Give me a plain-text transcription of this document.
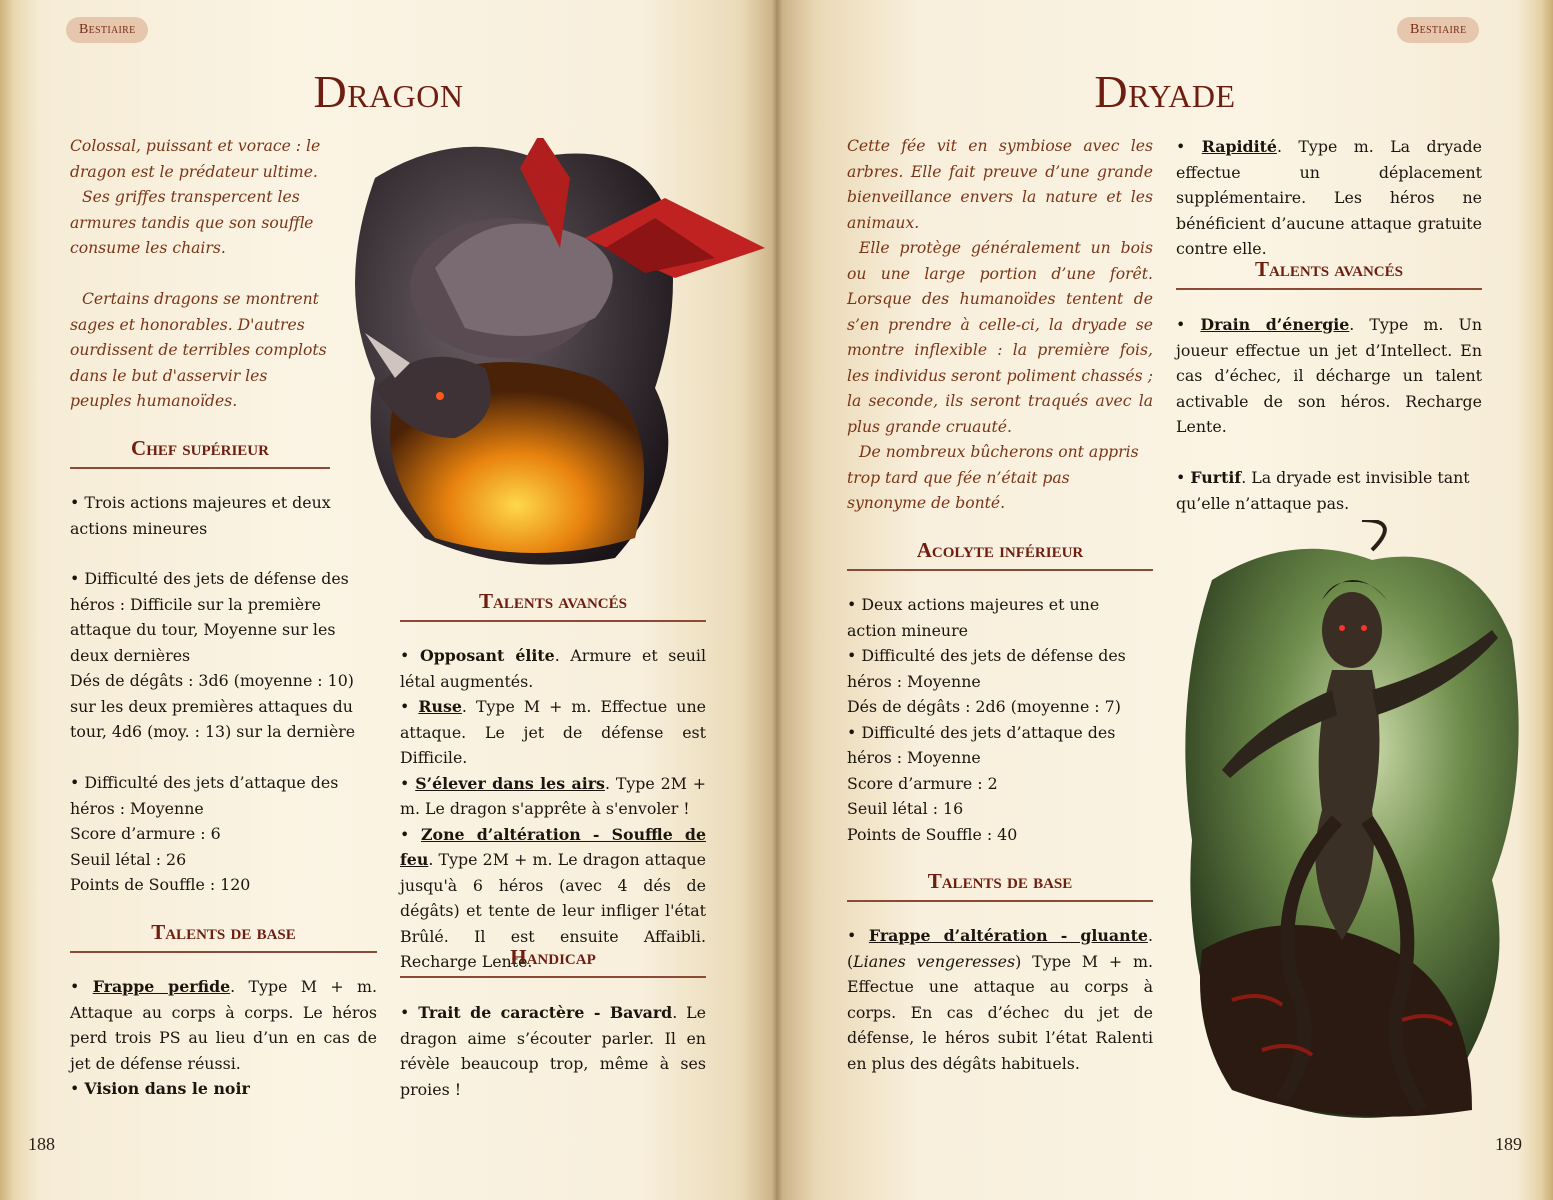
Bestiaire
Dragon

Colossal, puissant et vorace : le dragon est le prédateur ultime.

Ses griffes transpercent les armures tandis que son souffle consume les chairs.

Certains dragons se montrent sages et honorables. D'autres ourdissent de terribles complots dans le but d'asservir les peuples humanoïdes.

Chef supérieur

• Trois actions majeures et deux actions mineures

• Difficulté des jets de défense des héros : Difficile sur la première attaque du tour, Moyenne sur les deux dernières

Dés de dégâts : 3d6 (moyenne : 10) sur les deux premières attaques du tour, 4d6 (moy. : 13) sur la dernière

• Difficulté des jets d’attaque des héros : Moyenne

Score d’armure : 6

Seuil létal : 26

Points de Souffle : 120

Talents de base

• Frappe perfide. Type M + m. Attaque au corps à corps. Le héros perd trois PS au lieu d’un en cas de jet de défense réussi.

• Vision dans le noir

Talents avancés

• Opposant élite. Armure et seuil létal augmentés.

• Ruse. Type M + m. Effectue une attaque. Le jet de défense est Difficile.

• S’élever dans les airs. Type 2M + m. Le dragon s'apprête à s'envoler !

• Zone d’altération - Souffle de feu. Type 2M + m. Le dragon attaque jusqu'à 6 héros (avec 4 dés de dégâts) et tente de leur infliger l'état Brûlé. Il est ensuite Affaibli. Recharge Lente.

Handicap

• Trait de caractère - Bavard. Le dragon aime s’écouter parler. Il en révèle beaucoup trop, même à ses proies !

188
Bestiaire
Dryade

Cette fée vit en symbiose avec les arbres. Elle fait preuve d’une grande bienveillance envers la nature et les animaux.

Elle protège généralement un bois ou une large portion d’une forêt. Lorsque des humanoïdes tentent de s’en prendre à celle-ci, la dryade se montre inflexible : la première fois, les individus seront poliment chassés ; la seconde, ils seront traqués avec la plus grande cruauté.

De nombreux bûcherons ont appris trop tard que fée n’était pas synonyme de bonté.

Acolyte inférieur

• Deux actions majeures et une action mineure

• Difficulté des jets de défense des héros : Moyenne

Dés de dégâts : 2d6 (moyenne : 7)

• Difficulté des jets d’attaque des héros : Moyenne

Score d’armure : 2

Seuil létal : 16

Points de Souffle : 40

Talents de base

• Frappe d’altération - gluante. (Lianes vengeresses) Type M + m. Effectue une attaque au corps à corps. En cas d’échec du jet de défense, le héros subit l’état Ralenti en plus des dégâts habituels.

• Rapidité. Type m. La dryade effectue un déplacement supplémentaire. Les héros ne bénéficient d’aucune attaque gratuite contre elle.

Talents avancés

• Drain d’énergie. Type m. Un joueur effectue un jet d’Intellect. En cas d’échec, il décharge un talent activable de son héros. Recharge Lente.

• Furtif. La dryade est invisible tant qu’elle n’attaque pas.

189
